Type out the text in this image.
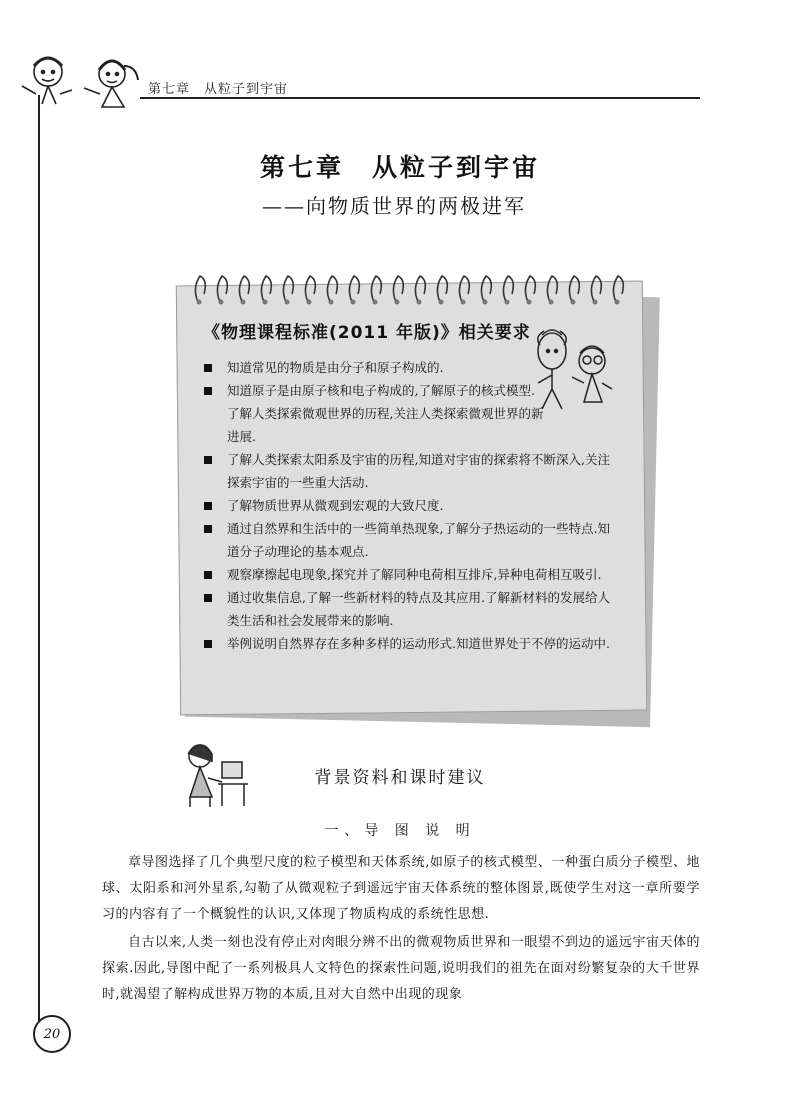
第七章　从粒子到宇宙
第七章 从粒子到宇宙
——向物质世界的两极进军
《物理课程标准(2011 年版)》相关要求
知道常见的物质是由分子和原子构成的.
知道原子是由原子核和电子构成的,了解原子的核式模型.了解人类探索微观世界的历程,关注人类探索微观世界的新进展.
了解人类探索太阳系及宇宙的历程,知道对宇宙的探索将不断深入,关注探索宇宙的一些重大活动.
了解物质世界从微观到宏观的大致尺度.
通过自然界和生活中的一些简单热现象,了解分子热运动的一些特点.知道分子动理论的基本观点.
观察摩擦起电现象,探究并了解同种电荷相互排斥,异种电荷相互吸引.
通过收集信息,了解一些新材料的特点及其应用.了解新材料的发展给人类生活和社会发展带来的影响.
举例说明自然界存在多种多样的运动形式.知道世界处于不停的运动中.
背景资料和课时建议
一、导 图 说 明

章导图选择了几个典型尺度的粒子模型和天体系统,如原子的核式模型、一种蛋白质分子模型、地球、太阳系和河外星系,勾勒了从微观粒子到遥远宇宙天体系统的整体图景,既使学生对这一章所要学习的内容有了一个概貌性的认识,又体现了物质构成的系统性思想.

自古以来,人类一刻也没有停止对肉眼分辨不出的微观物质世界和一眼望不到边的遥远宇宙天体的探索.因此,导图中配了一系列极具人文特色的探索性问题,说明我们的祖先在面对纷繁复杂的大千世界时,就渴望了解构成世界万物的本质,且对大自然中出现的现象

20
